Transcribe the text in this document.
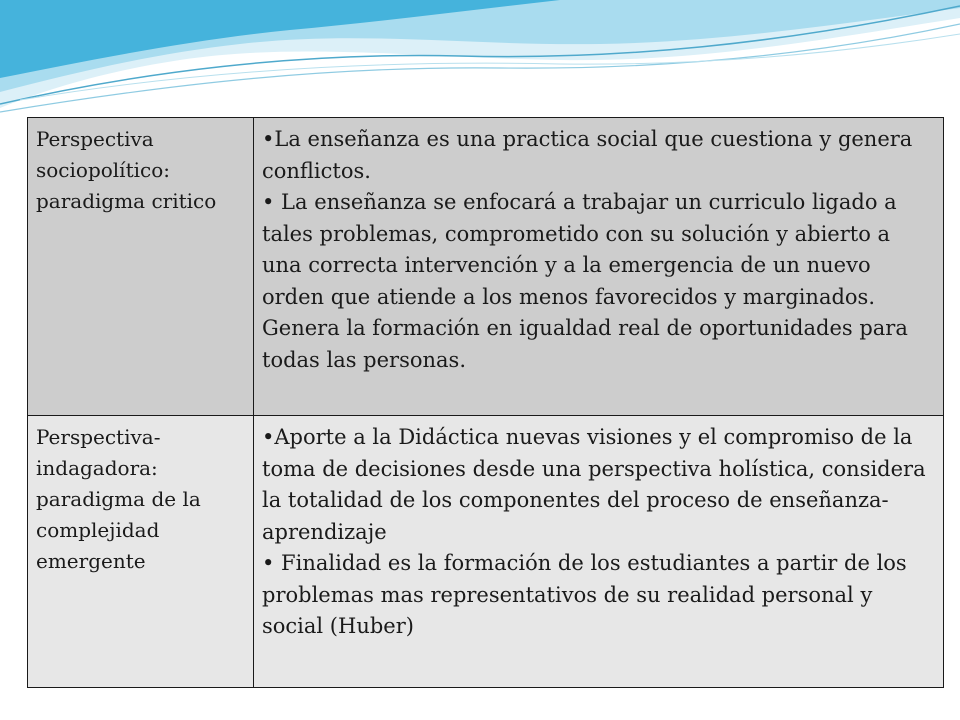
Perspectiva sociopolítico: paradigma critico	•La enseñanza es una practica social que cuestiona y genera conflictos.
• La enseñanza se enfocará a trabajar un curriculo ligado a tales problemas, comprometido con su solución y abierto a una correcta intervención y a la emergencia de un nuevo orden que atiende a los menos favorecidos y marginados. Genera la formación en igualdad real de oportunidades para todas las personas.

Perspectiva-indagadora: paradigma de la complejidad emergente	•Aporte a la Didáctica nuevas visiones y el compromiso de la toma de decisiones desde una perspectiva holística, considera la totalidad de los componentes del proceso de enseñanza-aprendizaje
• Finalidad es la formación de los estudiantes a partir de los problemas mas representativos de su realidad personal y social (Huber)
